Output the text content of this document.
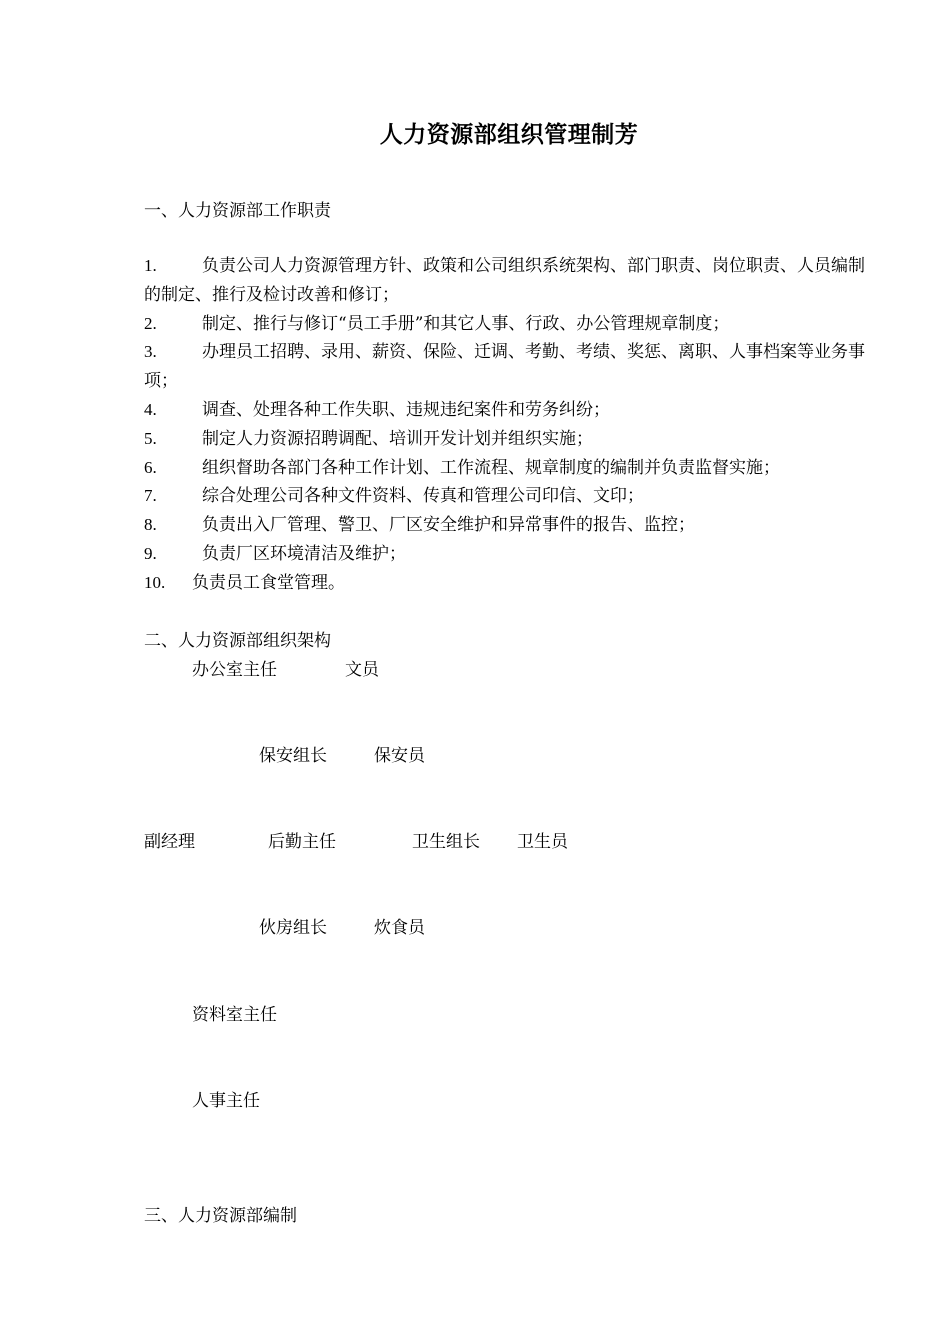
人力资源部组织管理制芳
一、人力资源部工作职责
1.	负责公司人力资源管理方针、政策和公司组织系统架构、部门职责、岗位职责、人员编制的制定、推行及检讨改善和修订；
2.	制定、推行与修订“员工手册”和其它人事、行政、办公管理规章制度；
3.	办理员工招聘、录用、薪资、保险、迁调、考勤、考绩、奖惩、离职、人事档案等业务事项；
4.	调查、处理各种工作失职、违规违纪案件和劳务纠纷；
5.	制定人力资源招聘调配、培训开发计划并组织实施；
6.	组织督助各部门各种工作计划、工作流程、规章制度的编制并负责监督实施；
7.	综合处理公司各种文件资料、传真和管理公司印信、文印；
8.	负责出入厂管理、警卫、厂区安全维护和异常事件的报告、监控；
9.	负责厂区环境清洁及维护；
10. 负责员工食堂管理。
二、人力资源部组织架构
办公室主任	文员
保安组长	保安员
副经理	后勤主任	卫生组长 卫生员
伙房组长	炊食员
资料室主任
人事主任
三、人力资源部编制
